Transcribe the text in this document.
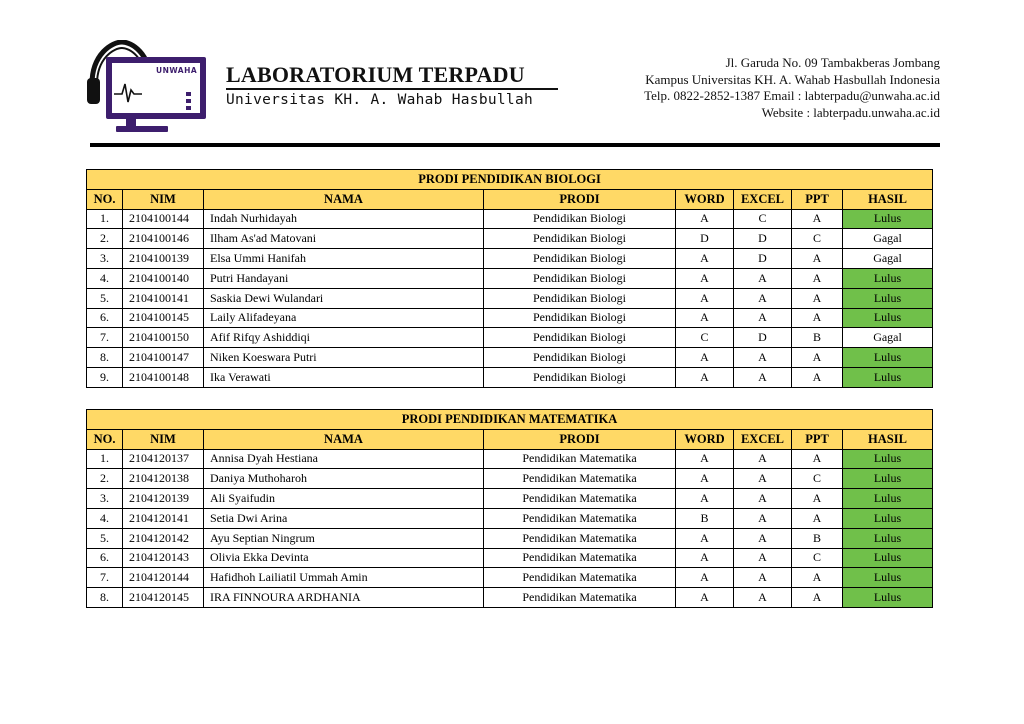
UNWAHA LABORATORIUM TERPADU
Universitas KH. A. Wahab Hasbullah
Jl. Garuda No. 09 Tambakberas Jombang
Kampus Universitas KH. A. Wahab Hasbullah Indonesia
Telp. 0822-2852-1387 Email : labterpadu@unwaha.ac.id
Website : labterpadu.unwaha.ac.id
PRODI PENDIDIKAN BIOLOGI							
NO.	NIM	NAMA	PRODI	WORD	EXCEL	PPT	HASIL
1.	2104100144	Indah Nurhidayah	Pendidikan Biologi	A	C	A	Lulus
2.	2104100146	Ilham As'ad Matovani	Pendidikan Biologi	D	D	C	Gagal
3.	2104100139	Elsa Ummi Hanifah	Pendidikan Biologi	A	D	A	Gagal
4.	2104100140	Putri Handayani	Pendidikan Biologi	A	A	A	Lulus
5.	2104100141	Saskia Dewi Wulandari	Pendidikan Biologi	A	A	A	Lulus
6.	2104100145	Laily Alifadeyana	Pendidikan Biologi	A	A	A	Lulus
7.	2104100150	Afif Rifqy Ashiddiqi	Pendidikan Biologi	C	D	B	Gagal
8.	2104100147	Niken Koeswara Putri	Pendidikan Biologi	A	A	A	Lulus
9.	2104100148	Ika Verawati	Pendidikan Biologi	A	A	A	Lulus
PRODI PENDIDIKAN MATEMATIKA							
NO.	NIM	NAMA	PRODI	WORD	EXCEL	PPT	HASIL
1.	2104120137	Annisa Dyah Hestiana	Pendidikan Matematika	A	A	A	Lulus
2.	2104120138	Daniya Muthoharoh	Pendidikan Matematika	A	A	C	Lulus
3.	2104120139	Ali Syaifudin	Pendidikan Matematika	A	A	A	Lulus
4.	2104120141	Setia Dwi Arina	Pendidikan Matematika	B	A	A	Lulus
5.	2104120142	Ayu Septian Ningrum	Pendidikan Matematika	A	A	B	Lulus
6.	2104120143	Olivia Ekka Devinta	Pendidikan Matematika	A	A	C	Lulus
7.	2104120144	Hafidhoh Lailiatil Ummah Amin	Pendidikan Matematika	A	A	A	Lulus
8.	2104120145	IRA FINNOURA ARDHANIA	Pendidikan Matematika	A	A	A	Lulus
